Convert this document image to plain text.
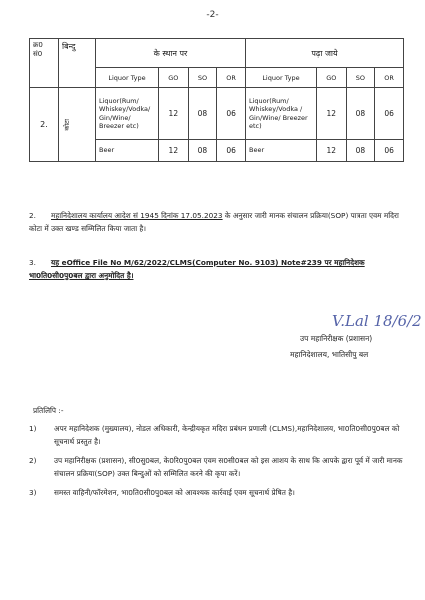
-2-
क्र0
सं0	बिन्दु	के स्थान पर				पढ़ा जाये			
		Liquor Type	GO	SO	OR	Liquor Type	GO	SO	OR
2.	कोटा	Liquor(Rum/ Whiskey/Vodka/ Gin/Wine/ Breezer etc)	12	08	06	Liquor(Rum/ Whiskey/Vodka / Gin/Wine/ Breezer etc)	12	08	06
		Beer	12	08	06	Beer	12	08	06
2. महानिदेशालय कार्यालय आदेश सं 1945 दिनांक 17.05.2023 के अनुसार जारी मानक संचालन प्रक्रिया(SOP) पात्रता एवम मदिरा कोटा में उक्त खण्ड सम्मिलित किया जाता है।
3. यह eOffice File No M/62/2022/CLMS(Computer No. 9103) Note#239 पर महानिदेशक भा0ति0सी0पु0बल द्वारा अनुमोदित है।
V.Lal 18/6/2
उप महानिरीक्षक (प्रशासन)
महानिदेशालय, भातिसीपु बल
प्रतिलिपि :-
1)	अपर महानिदेशक (मुख्यालय), नोडल अधिकारी, केन्द्रीयकृत मदिरा प्रबंधन प्रणाली (CLMS),महानिदेशालय, भा0ति0सी0पु0बल को सूचनार्थ प्रस्तुत है।
2)	उप महानिरीक्षक (प्रशासन), सी0सु0बल, के0रि0पु0बल एवम स0सी0बल को इस आशय के साथ कि आपके द्वारा पूर्व में जारी मानक संचालन प्रक्रिया(SOP) उक्त बिन्दुओं को सम्मिलित करने की कृपा करें।
3)	समस्त वाहिनी/फॉरमेशन, भा0ति0सी0पु0बल को आवश्यक कार्रवाई एवम सूचनार्थ प्रेषित है।
